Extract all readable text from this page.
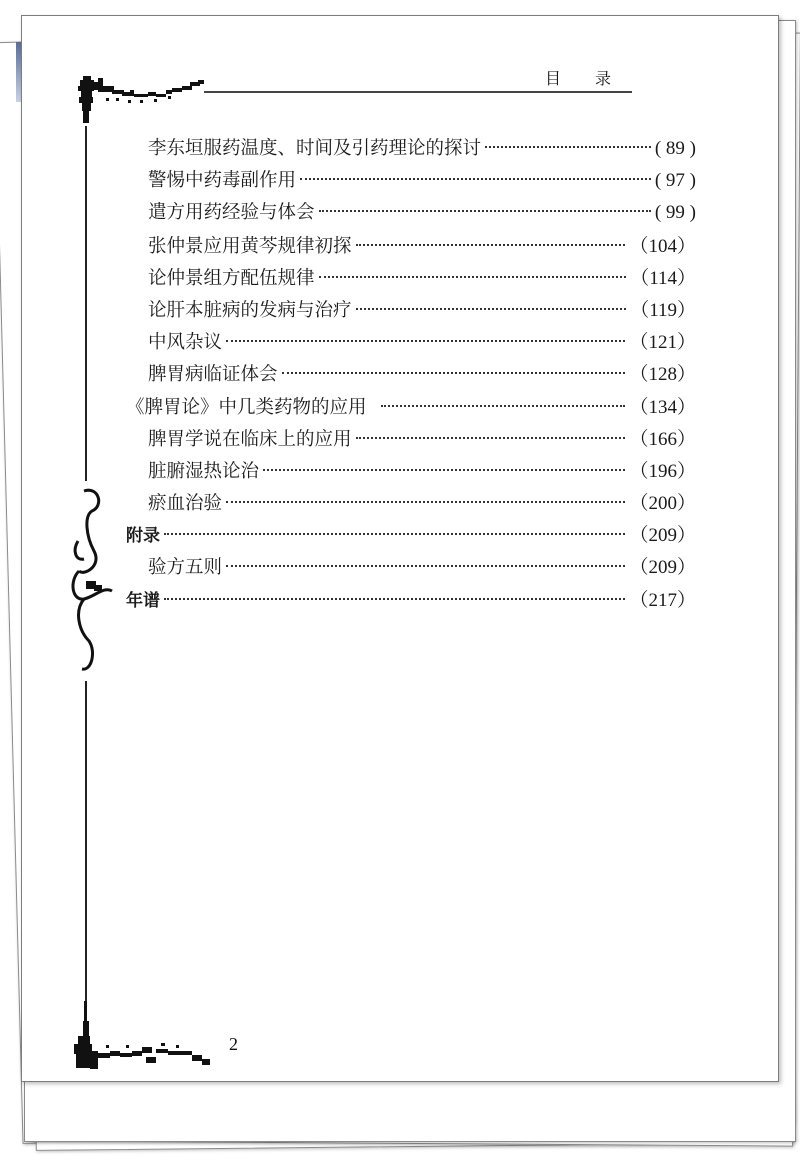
目录
李东垣服药温度、时间及引药理论的探讨	( 89 )
警惕中药毒副作用	( 97 )
遣方用药经验与体会	( 99 )
张仲景应用黄芩规律初探	（104）
论仲景组方配伍规律	（114）
论肝本脏病的发病与治疗	（119）
中风杂议	（121）
脾胃病临证体会	（128）
《脾胃论》中几类药物的应用	（134）
脾胃学说在临床上的应用	（166）
脏腑湿热论治	（196）
瘀血治验	（200）
附录	（209）
验方五则	（209）
年谱	（217）
2
